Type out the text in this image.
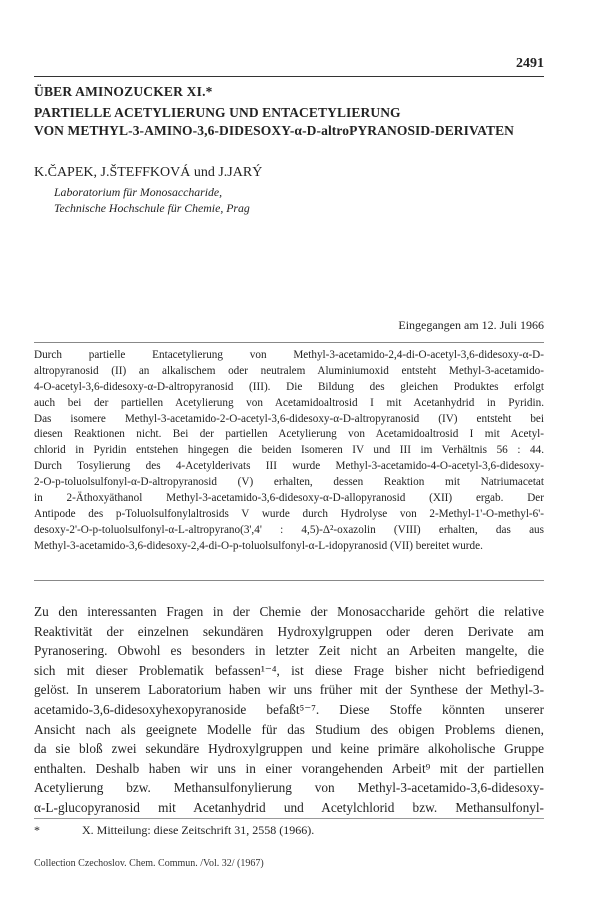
2491
ÜBER AMINOZUCKER XI.*
PARTIELLE ACETYLIERUNG UND ENTACETYLIERUNG
VON METHYL-3-AMINO-3,6-DIDESOXY-α-D-altroPYRANOSID-DERIVATEN
K.ČAPEK, J.ŠTEFFKOVÁ und J.JARÝ
Laboratorium für Monosaccharide,
Technische Hochschule für Chemie, Prag
Eingegangen am 12. Juli 1966
Durch partielle Entacetylierung von Methyl-3-acetamido-2,4-di-O-acetyl-3,6-didesoxy-α-D-
altropyranosid (II) an alkalischem oder neutralem Aluminiumoxid entsteht Methyl-3-acetamido-
4-O-acetyl-3,6-didesoxy-α-D-altropyranosid (III). Die Bildung des gleichen Produktes erfolgt
auch bei der partiellen Acetylierung von Acetamidoaltrosid I mit Acetanhydrid in Pyridin.
Das isomere Methyl-3-acetamido-2-O-acetyl-3,6-didesoxy-α-D-altropyranosid (IV) entsteht bei
diesen Reaktionen nicht. Bei der partiellen Acetylierung von Acetamidoaltrosid I mit Acetyl-
chlorid in Pyridin entstehen hingegen die beiden Isomeren IV und III im Verhältnis 56 : 44.
Durch Tosylierung des 4-Acetylderivats III wurde Methyl-3-acetamido-4-O-acetyl-3,6-didesoxy-
2-O-p-toluolsulfonyl-α-D-altropyranosid (V) erhalten, dessen Reaktion mit Natriumacetat
in 2-Äthoxyäthanol Methyl-3-acetamido-3,6-didesoxy-α-D-allopyranosid (XII) ergab. Der
Antipode des p-Toluolsulfonylaltrosids V wurde durch Hydrolyse von 2-Methyl-1'-O-methyl-6'-
desoxy-2'-O-p-toluolsulfonyl-α-L-altropyrano(3',4' : 4,5)-Δ²-oxazolin (VIII) erhalten, das aus
Methyl-3-acetamido-3,6-didesoxy-2,4-di-O-p-toluolsulfonyl-α-L-idopyranosid (VII) bereitet wurde.
Zu den interessanten Fragen in der Chemie der Monosaccharide gehört die relative
Reaktivität der einzelnen sekundären Hydroxylgruppen oder deren Derivate am
Pyranosering. Obwohl es besonders in letzter Zeit nicht an Arbeiten mangelte, die
sich mit dieser Problematik befassen¹⁻⁴, ist diese Frage bisher nicht befriedigend
gelöst. In unserem Laboratorium haben wir uns früher mit der Synthese der Methyl-3-
acetamido-3,6-didesoxyhexopyranoside befaßt⁵⁻⁷. Diese Stoffe könnten unserer
Ansicht nach als geeignete Modelle für das Studium des obigen Problems dienen,
da sie bloß zwei sekundäre Hydroxylgruppen und keine primäre alkoholische Gruppe
enthalten. Deshalb haben wir uns in einer vorangehenden Arbeit⁹ mit der partiellen
Acetylierung bzw. Methansulfonylierung von Methyl-3-acetamido-3,6-didesoxy-
α-L-glucopyranosid mit Acetanhydrid und Acetylchlorid bzw. Methansulfonyl-
*	X. Mitteilung: diese Zeitschrift 31, 2558 (1966).
Collection Czechoslov. Chem. Commun. /Vol. 32/ (1967)
